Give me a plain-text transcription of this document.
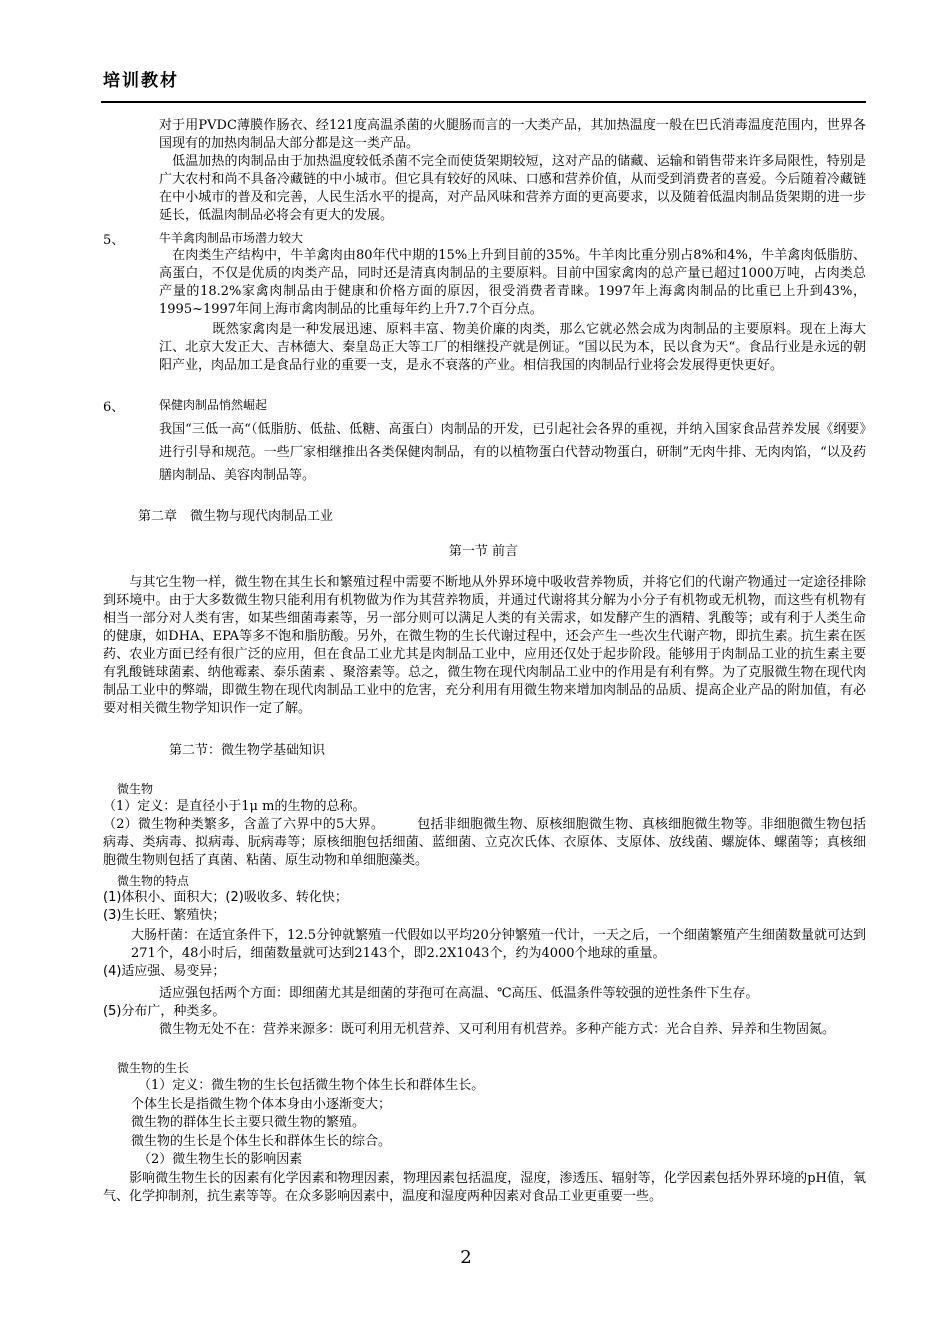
培训教材

对于用PVDC薄膜作肠衣、经121度高温杀菌的火腿肠而言的一大类产品，其加热温度一般在巴氏消毒温度范围内，世界各国现有的加热肉制品大部分都是这一类产品。

　低温加热的肉制品由于加热温度较低杀菌不完全而使货架期较短，这对产品的储藏、运输和销售带来许多局限性，特别是广大农村和尚不具备冷藏链的中小城市。但它具有较好的风味、口感和营养价值，从而受到消费者的喜爱。今后随着冷藏链在中小城市的普及和完善，人民生活水平的提高，对产品风味和营养方面的更高要求，以及随着低温肉制品货架期的进一步延长，低温肉制品必将会有更大的发展。

5、	牛羊禽肉制品市场潜力较大

　在肉类生产结构中，牛羊禽肉由80年代中期的15%上升到目前的35%。牛羊肉比重分别占8%和4%，牛羊禽肉低脂肪、高蛋白，不仅是优质的肉类产品，同时还是清真肉制品的主要原料。目前中国家禽肉的总产量已超过1000万吨，占肉类总产量的18.2%家禽肉制品由于健康和价格方面的原因，很受消费者青睐。1997年上海禽肉制品的比重已上升到43%，1995~1997年间上海市禽肉制品的比重每年约上升7.7个百分点。

　　　　既然家禽肉是一种发展迅速、原料丰富、物美价廉的肉类，那么它就必然会成为肉制品的主要原料。现在上海大江、北京大发正大、吉林德大、秦皇岛正大等工厂的相继投产就是例证。“国以民为本，民以食为天“。食品行业是永远的朝阳产业，肉品加工是食品行业的重要一支，是永不衰落的产业。相信我国的肉制品行业将会发展得更快更好。

6、	保健肉制品悄然崛起

我国“三低一高“（低脂肪、低盐、低糖、高蛋白）肉制品的开发，已引起社会各界的重视，并纳入国家食品营养发展《纲要》进行引导和规范。一些厂家相继推出各类保健肉制品，有的以植物蛋白代替动物蛋白，研制”无肉牛排、无肉肉馅，“以及药膳肉制品、美容肉制品等。

第二章　微生物与现代肉制品工业
第一节 前言

　　与其它生物一样，微生物在其生长和繁殖过程中需要不断地从外界环境中吸收营养物质，并将它们的代谢产物通过一定途径排除到环境中。由于大多数微生物只能利用有机物做为作为其营养物质，并通过代谢将其分解为小分子有机物或无机物，而这些有机物有相当一部分对人类有害，如某些细菌毒素等，另一部分则可以满足人类的有关需求，如发酵产生的酒精、乳酸等；或有利于人类生命的健康，如DHA、EPA等多不饱和脂肪酸。另外，在微生物的生长代谢过程中，还会产生一些次生代谢产物，即抗生素。抗生素在医药、农业方面已经有很广泛的应用，但在食品工业尤其是肉制品工业中，应用还仅处于起步阶段。能够用于肉制品工业的抗生素主要有乳酸链球菌素、纳他霉素、泰乐菌素 、聚溶素等。总之，微生物在现代肉制品工业中的作用是有利有弊。为了克服微生物在现代肉制品工业中的弊端，即微生物在现代肉制品工业中的危害，充分利用有用微生物来增加肉制品的品质、提高企业产品的附加值，有必要对相关微生物学知识作一定了解。

第二节：微生物学基础知识
微生物
（1）定义：是直径小于1μ m的生物的总称。

（2）微生物种类繁多，含盖了六界中的5大界。　　　包括非细胞微生物、原核细胞微生物、真核细胞微生物等。非细胞微生物包括病毒、类病毒、拟病毒、朊病毒等；原核细胞包括细菌、蓝细菌、立克次氏体、衣原体、支原体、放线菌、螺旋体、螺菌等；真核细胞微生物则包括了真菌、粘菌、原生动物和单细胞藻类。

微生物的特点
(1)体积小、面积大；(2)吸收多、转化快；
(3)生长旺、繁殖快；

大肠杆菌：在适宜条件下，12.5分钟就繁殖一代假如以平均20分钟繁殖一代计，一天之后，一个细菌繁殖产生细菌数量就可达到271个，48小时后，细菌数量就可达到2143个，即2.2X1043个，约为4000个地球的重量。

(4)适应强、易变异；
适应强包括两个方面：即细菌尤其是细菌的芽孢可在高温、℃高压、低温条件等较强的逆性条件下生存。
(5)分布广，种类多。

微生物无处不在：营养来源多：既可利用无机营养、又可利用有机营养。多种产能方式：光合自养、异养和生物固氮。

微生物的生长
（1）定义：微生物的生长包括微生物个体生长和群体生长。
个体生长是指微生物个体本身由小逐渐变大；
微生物的群体生长主要只微生物的繁殖。
微生物的生长是个体生长和群体生长的综合。
（2）微生物生长的影响因素

　　影响微生物生长的因素有化学因素和物理因素，物理因素包括温度，湿度，渗透压、辐射等，化学因素包括外界环境的pH值，氧气、化学抑制剂，抗生素等等。在众多影响因素中，温度和湿度两种因素对食品工业更重要一些。

2
